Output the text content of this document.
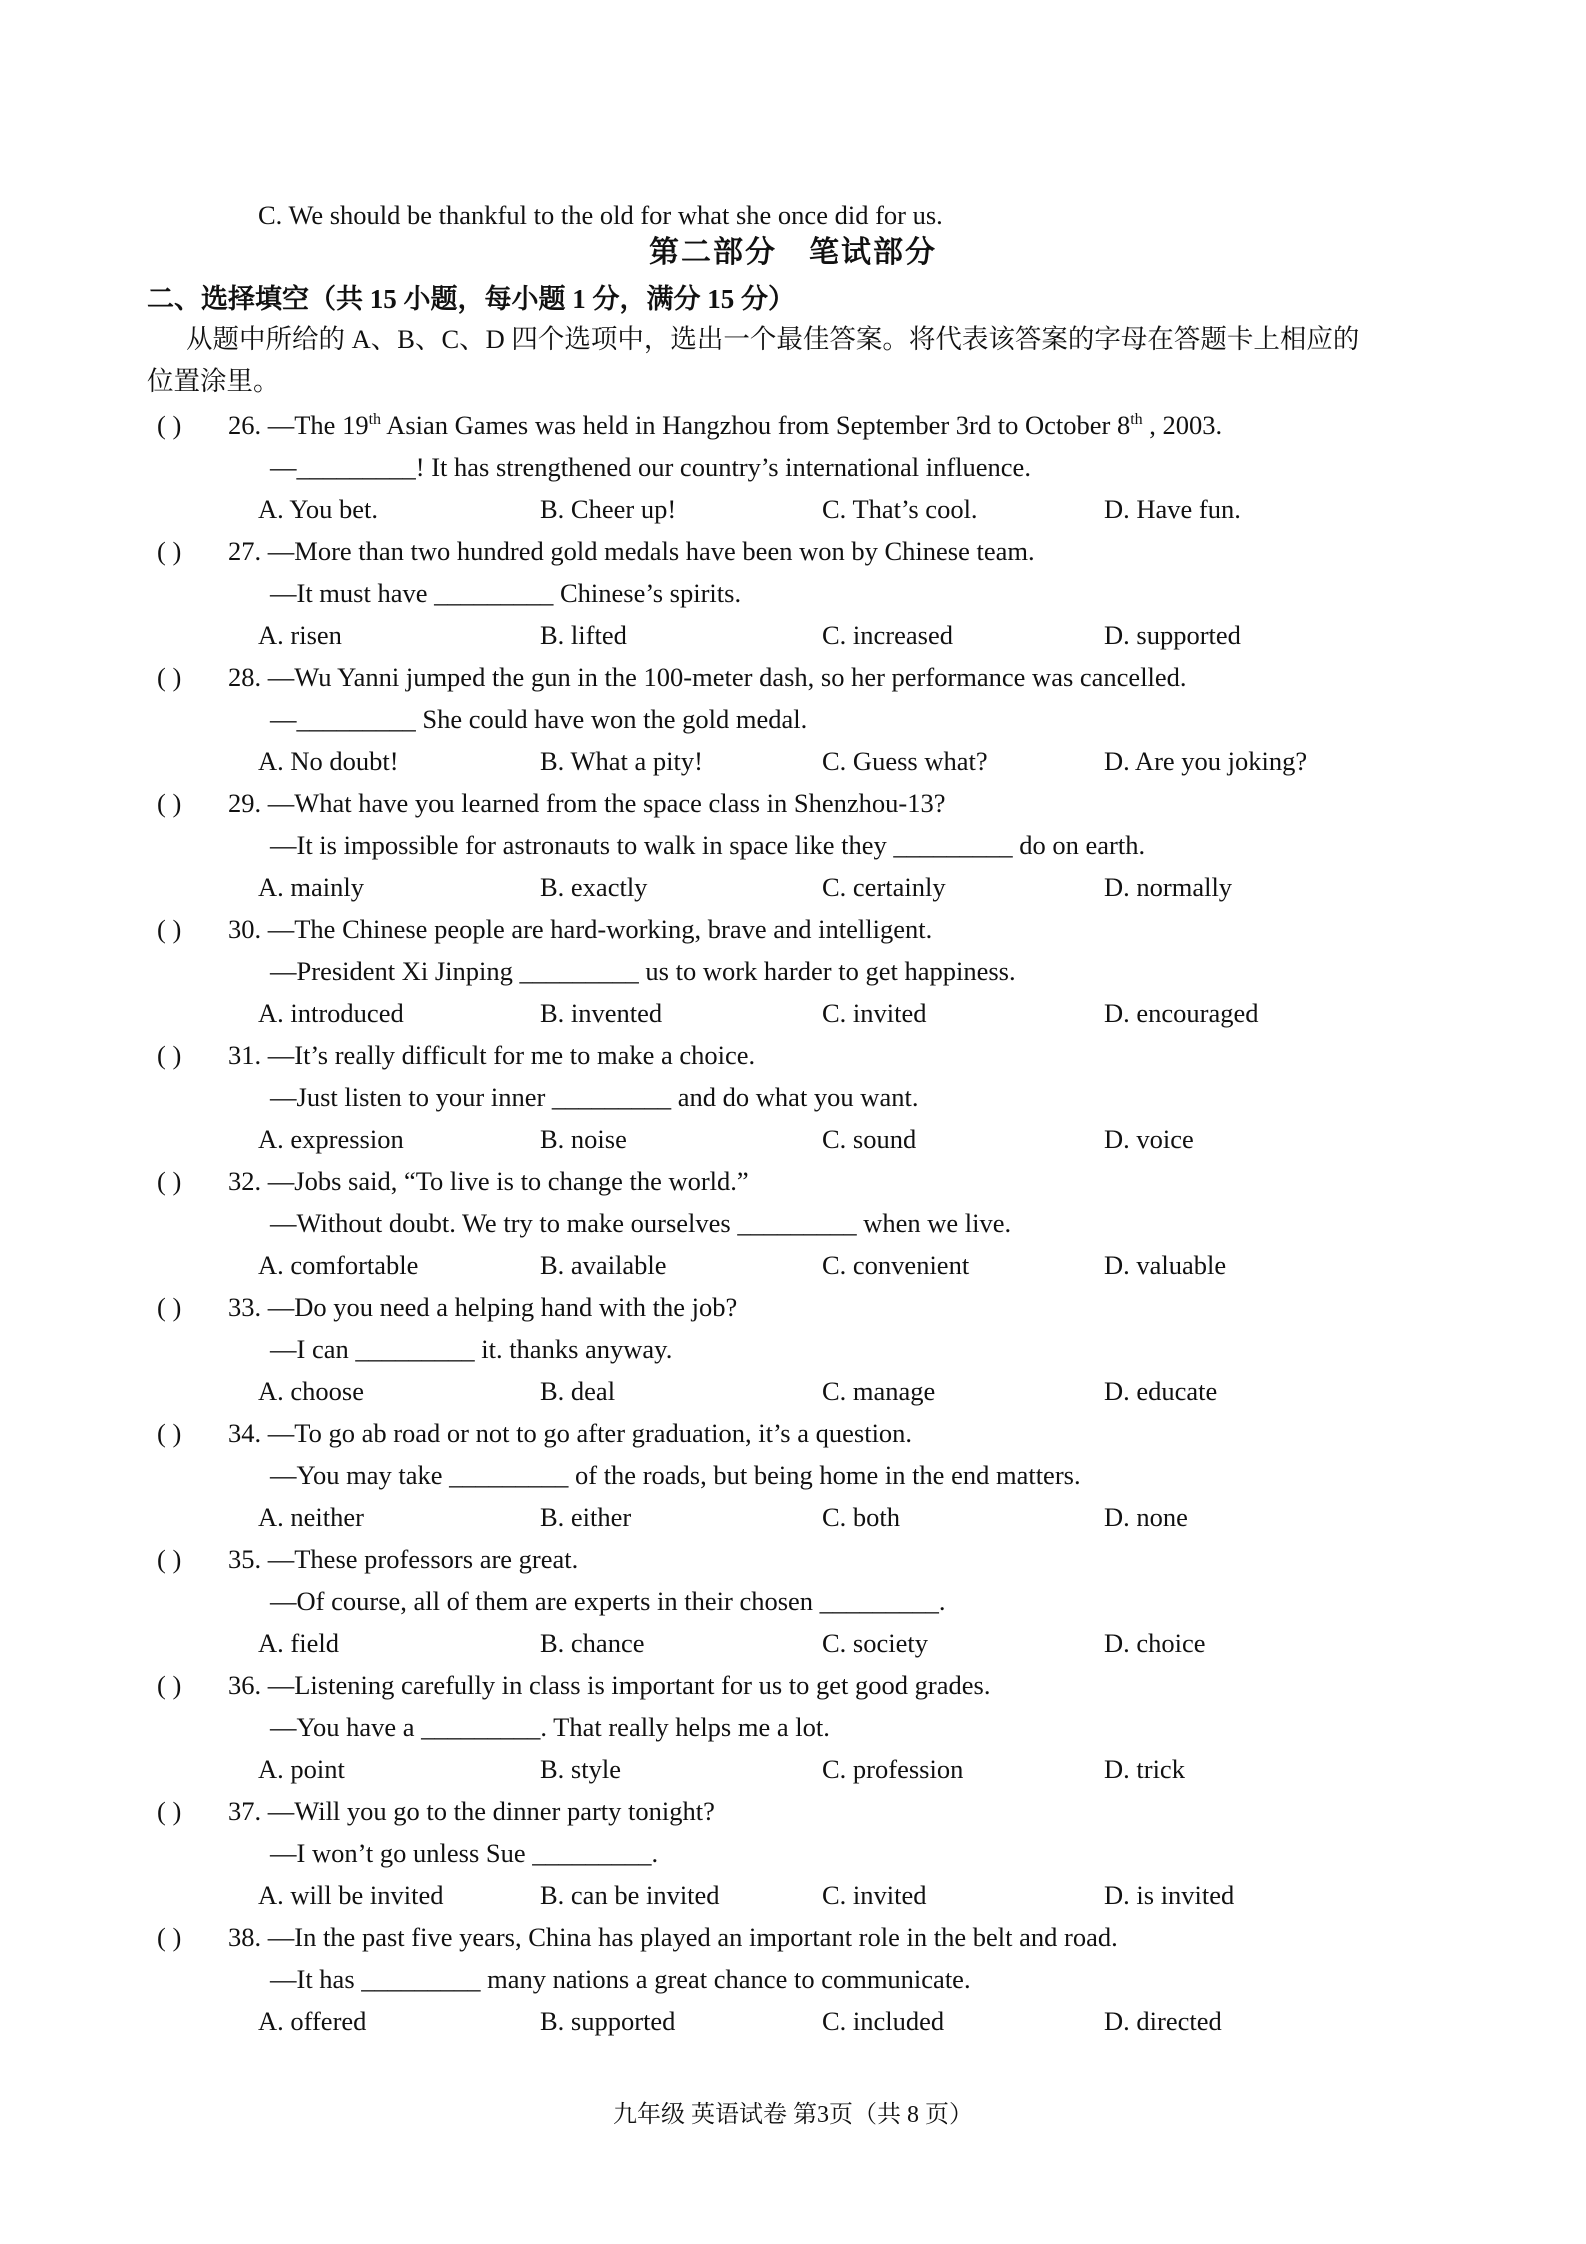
C. We should be thankful to the old for what she once did for us.
第二部分　笔试部分
二、选择填空（共 15 小题，每小题 1 分，满分 15 分）
从题中所给的 A、B、C、D 四个选项中，选出一个最佳答案。将代表该答案的字母在答题卡上相应的
位置涂里。
( )	26. —The 19th Asian Games was held in Hangzhou from September 3rd to October 8th , 2003.
—_________! It has strengthened our country’s international influence.
A. You bet.	B. Cheer up!	C. That’s cool.	D. Have fun.
( )	27. —More than two hundred gold medals have been won by Chinese team.
—It must have _________ Chinese’s spirits.
A. risen	B. lifted	C. increased	D. supported
( )	28. —Wu Yanni jumped the gun in the 100-meter dash, so her performance was cancelled.
—_________ She could have won the gold medal.
A. No doubt!	B. What a pity!	C. Guess what?	D. Are you joking?
( )	29. —What have you learned from the space class in Shenzhou-13?
—It is impossible for astronauts to walk in space like they _________ do on earth.
A. mainly	B. exactly	C. certainly	D. normally
( )	30. —The Chinese people are hard-working, brave and intelligent.
—President Xi Jinping _________ us to work harder to get happiness.
A. introduced	B. invented	C. invited	D. encouraged
( )	31. —It’s really difficult for me to make a choice.
—Just listen to your inner _________ and do what you want.
A. expression	B. noise	C. sound	D. voice
( )	32. —Jobs said, “To live is to change the world.”
—Without doubt. We try to make ourselves _________ when we live.
A. comfortable	B. available	C. convenient	D. valuable
( )	33. —Do you need a helping hand with the job?
—I can _________ it. thanks anyway.
A. choose	B. deal	C. manage	D. educate
( )	34. —To go ab road or not to go after graduation, it’s a question.
—You may take _________ of the roads, but being home in the end matters.
A. neither	B. either	C. both	D. none
( )	35. —These professors are great.
—Of course, all of them are experts in their chosen _________.
A. field	B. chance	C. society	D. choice
( )	36. —Listening carefully in class is important for us to get good grades.
—You have a _________. That really helps me a lot.
A. point	B. style	C. profession	D. trick
( )	37. —Will you go to the dinner party tonight?
—I won’t go unless Sue _________.
A. will be invited	B. can be invited	C. invited	D. is invited
( )	38. —In the past five years, China has played an important role in the belt and road.
—It has _________ many nations a great chance to communicate.
A. offered	B. supported	C. included	D. directed
九年级 英语试卷 第3页（共 8 页）
